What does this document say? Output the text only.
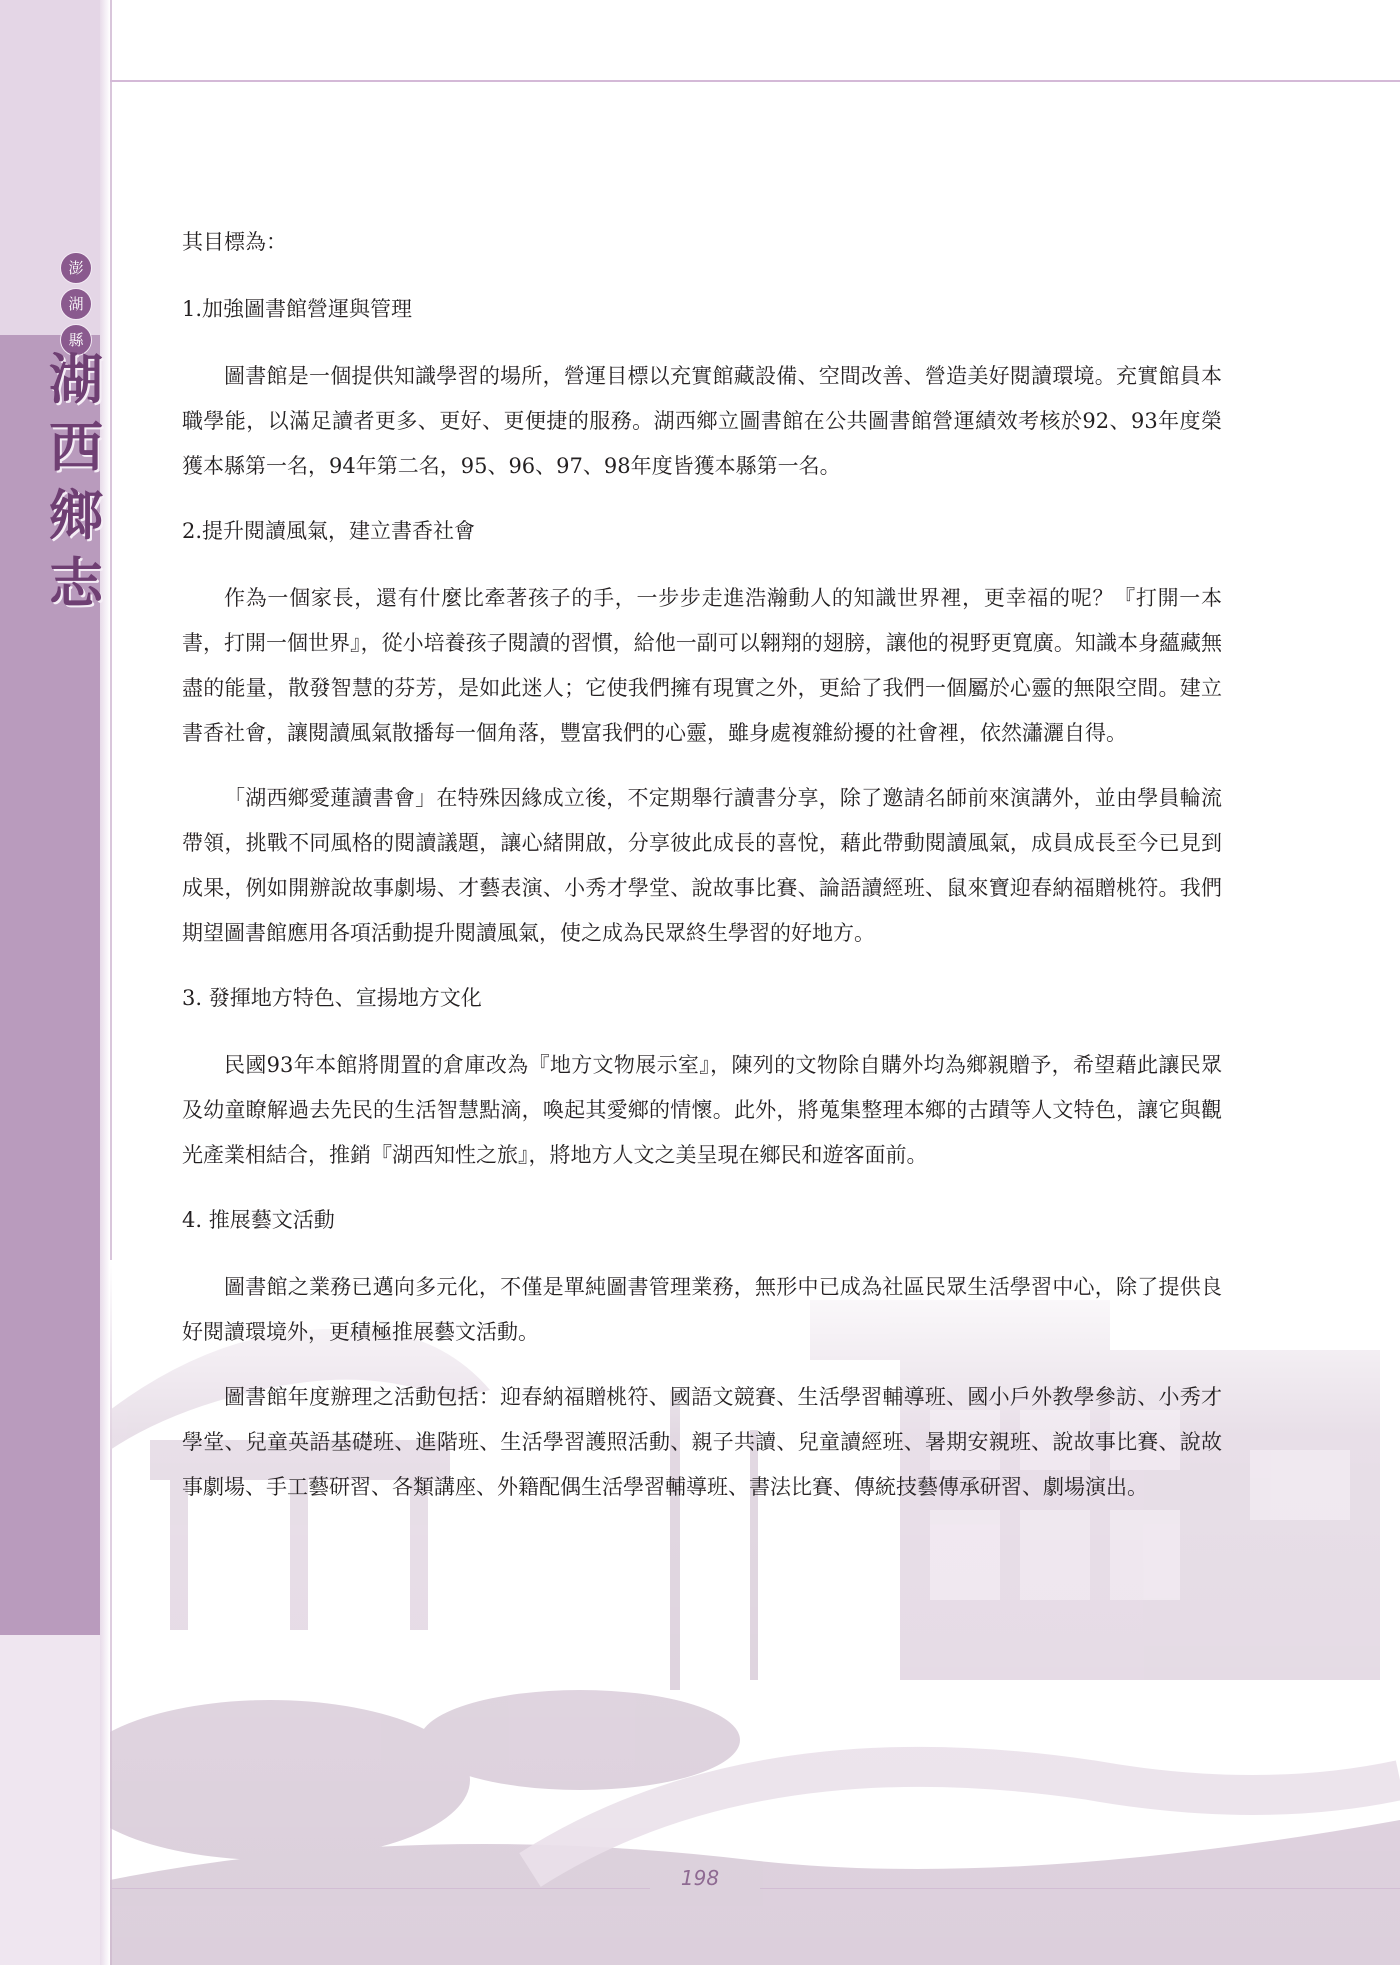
澎
湖
縣
湖
西
鄉
志

其目標為：

1.加強圖書館營運與管理

圖書館是一個提供知識學習的場所，營運目標以充實館藏設備、空間改善、營造美好閱讀環境。充實館員本職學能，以滿足讀者更多、更好、更便捷的服務。湖西鄉立圖書館在公共圖書館營運績效考核於92、93年度榮獲本縣第一名，94年第二名，95、96、97、98年度皆獲本縣第一名。

2.提升閱讀風氣，建立書香社會

作為一個家長，還有什麼比牽著孩子的手，一步步走進浩瀚動人的知識世界裡，更幸福的呢？『打開一本書，打開一個世界』，從小培養孩子閱讀的習慣，給他一副可以翱翔的翅膀，讓他的視野更寬廣。知識本身蘊藏無盡的能量，散發智慧的芬芳，是如此迷人；它使我們擁有現實之外，更給了我們一個屬於心靈的無限空間。建立書香社會，讓閱讀風氣散播每一個角落，豐富我們的心靈，雖身處複雜紛擾的社會裡，依然瀟灑自得。

「湖西鄉愛蓮讀書會」在特殊因緣成立後，不定期舉行讀書分享，除了邀請名師前來演講外，並由學員輪流帶領，挑戰不同風格的閱讀議題，讓心緒開啟，分享彼此成長的喜悅，藉此帶動閱讀風氣，成員成長至今已見到成果，例如開辦說故事劇場、才藝表演、小秀才學堂、說故事比賽、論語讀經班、鼠來寶迎春納福贈桃符。我們期望圖書館應用各項活動提升閱讀風氣，使之成為民眾終生學習的好地方。

3. 發揮地方特色、宣揚地方文化

民國93年本館將閒置的倉庫改為『地方文物展示室』，陳列的文物除自購外均為鄉親贈予，希望藉此讓民眾及幼童瞭解過去先民的生活智慧點滴，喚起其愛鄉的情懷。此外，將蒐集整理本鄉的古蹟等人文特色，讓它與觀光產業相結合，推銷『湖西知性之旅』，將地方人文之美呈現在鄉民和遊客面前。

4. 推展藝文活動

圖書館之業務已邁向多元化，不僅是單純圖書管理業務，無形中已成為社區民眾生活學習中心，除了提供良好閱讀環境外，更積極推展藝文活動。

圖書館年度辦理之活動包括：迎春納福贈桃符、國語文競賽、生活學習輔導班、國小戶外教學參訪、小秀才學堂、兒童英語基礎班、進階班、生活學習護照活動、親子共讀、兒童讀經班、暑期安親班、說故事比賽、說故事劇場、手工藝研習、各類講座、外籍配偶生活學習輔導班、書法比賽、傳統技藝傳承研習、劇場演出。

198
